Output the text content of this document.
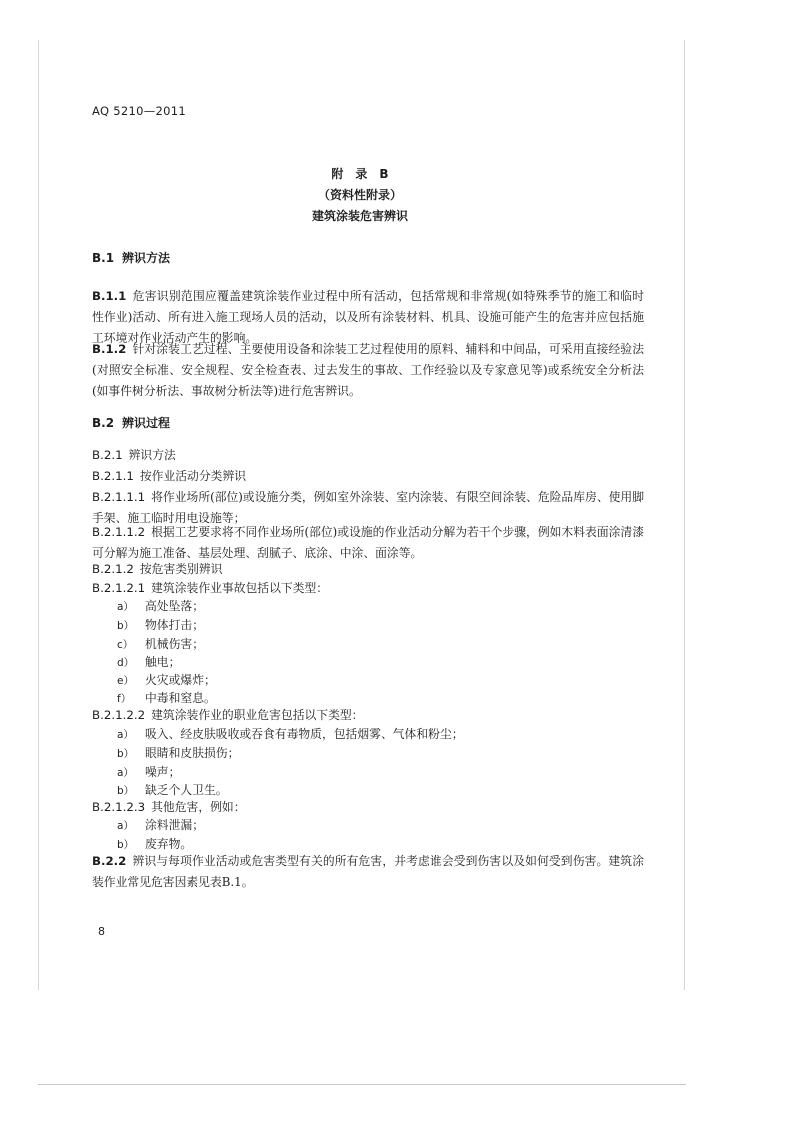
AQ 5210—2011
附　录　B
（资料性附录）
建筑涂装危害辨识
B.1 辨识方法
B.1.1 危害识别范围应覆盖建筑涂装作业过程中所有活动，包括常规和非常规(如特殊季节的施工和临时性作业)活动、所有进入施工现场人员的活动，以及所有涂装材料、机具、设施可能产生的危害并应包括施工环境对作业活动产生的影响。
B.1.2 针对涂装工艺过程、主要使用设备和涂装工艺过程使用的原料、辅料和中间品，可采用直接经验法(对照安全标准、安全规程、安全检查表、过去发生的事故、工作经验以及专家意见等)或系统安全分析法(如事件树分析法、事故树分析法等)进行危害辨识。
B.2 辨识过程
B.2.1 辨识方法
B.2.1.1 按作业活动分类辨识
B.2.1.1.1 将作业场所(部位)或设施分类，例如室外涂装、室内涂装、有限空间涂装、危险品库房、使用脚手架、施工临时用电设施等；
B.2.1.1.2 根据工艺要求将不同作业场所(部位)或设施的作业活动分解为若干个步骤，例如木料表面涂清漆可分解为施工准备、基层处理、刮腻子、底涂、中涂、面涂等。
B.2.1.2 按危害类别辨识
B.2.1.2.1 建筑涂装作业事故包括以下类型：
a） 高处坠落；
b） 物体打击；
c） 机械伤害；
d） 触电；
e） 火灾或爆炸；
f） 中毒和窒息。
B.2.1.2.2 建筑涂装作业的职业危害包括以下类型：
a） 吸入、经皮肤吸收或吞食有毒物质，包括烟雾、气体和粉尘；
b） 眼睛和皮肤损伤；
a） 噪声；
b） 缺乏个人卫生。
B.2.1.2.3 其他危害，例如：
a） 涂料泄漏；
b） 废弃物。
B.2.2 辨识与每项作业活动或危害类型有关的所有危害，并考虑谁会受到伤害以及如何受到伤害。建筑涂装作业常见危害因素见表B.1。
8
